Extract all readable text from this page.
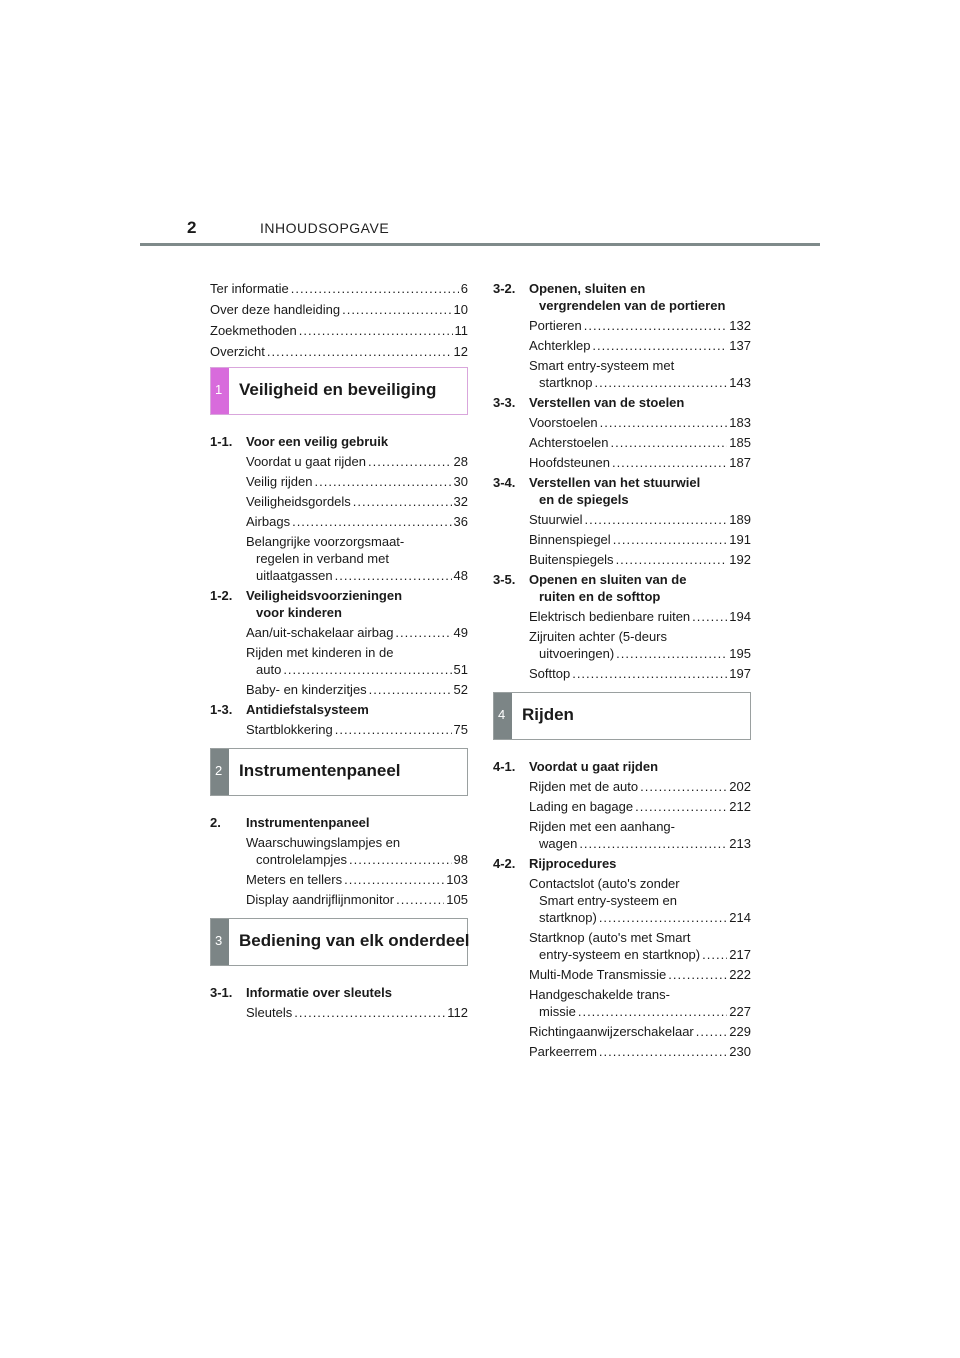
2	INHOUDSOPGAVE
Ter informatie .....	6
Over deze handleiding .....	10
Zoekmethoden .....	11
Overzicht .....	12
1 Veiligheid en beveiliging
1-1.	Voor een veilig gebruik
Voordat u gaat rijden .....	28
Veilig rijden .....	30
Veiligheidsgordels .....	32
Airbags .....	36
Belangrijke voorzorgsmaat-
regelen in verband met
uitlaatgassen .....	48
1-2.	Veiligheidsvoorzieningen
voor kinderen
Aan/uit-schakelaar airbag .....	49
Rijden met kinderen in de
auto .....	51
Baby- en kinderzitjes .....	52
1-3.	Antidiefstalsysteem
Startblokkering .....	75
2 Instrumentenpaneel
2.	Instrumentenpaneel
Waarschuwingslampjes en
controlelampjes .....	98
Meters en tellers .....	103
Display aandrijflijnmonitor .....	105
3 Bediening van elk onderdeel
3-1.	Informatie over sleutels
Sleutels .....	112
3-2.	Openen, sluiten en
vergrendelen van de portieren
Portieren .....	132
Achterklep .....	137
Smart entry-systeem met
startknop .....	143
3-3.	Verstellen van de stoelen
Voorstoelen .....	183
Achterstoelen .....	185
Hoofdsteunen .....	187
3-4.	Verstellen van het stuurwiel
en de spiegels
Stuurwiel .....	189
Binnenspiegel .....	191
Buitenspiegels .....	192
3-5.	Openen en sluiten van de
ruiten en de softtop
Elektrisch bedienbare ruiten .....	194
Zijruiten achter (5-deurs
uitvoeringen) .....	195
Softtop .....	197
4 Rijden
4-1.	Voordat u gaat rijden
Rijden met de auto .....	202
Lading en bagage .....	212
Rijden met een aanhang-
wagen .....	213
4-2.	Rijprocedures
Contactslot (auto's zonder
Smart entry-systeem en
startknop) .....	214
Startknop (auto's met Smart
entry-systeem en startknop) ..... 217
Multi-Mode Transmissie .....	222
Handgeschakelde trans-
missie .....	227
Richtingaanwijzerschakelaar .....	229
Parkeerrem .....	230
